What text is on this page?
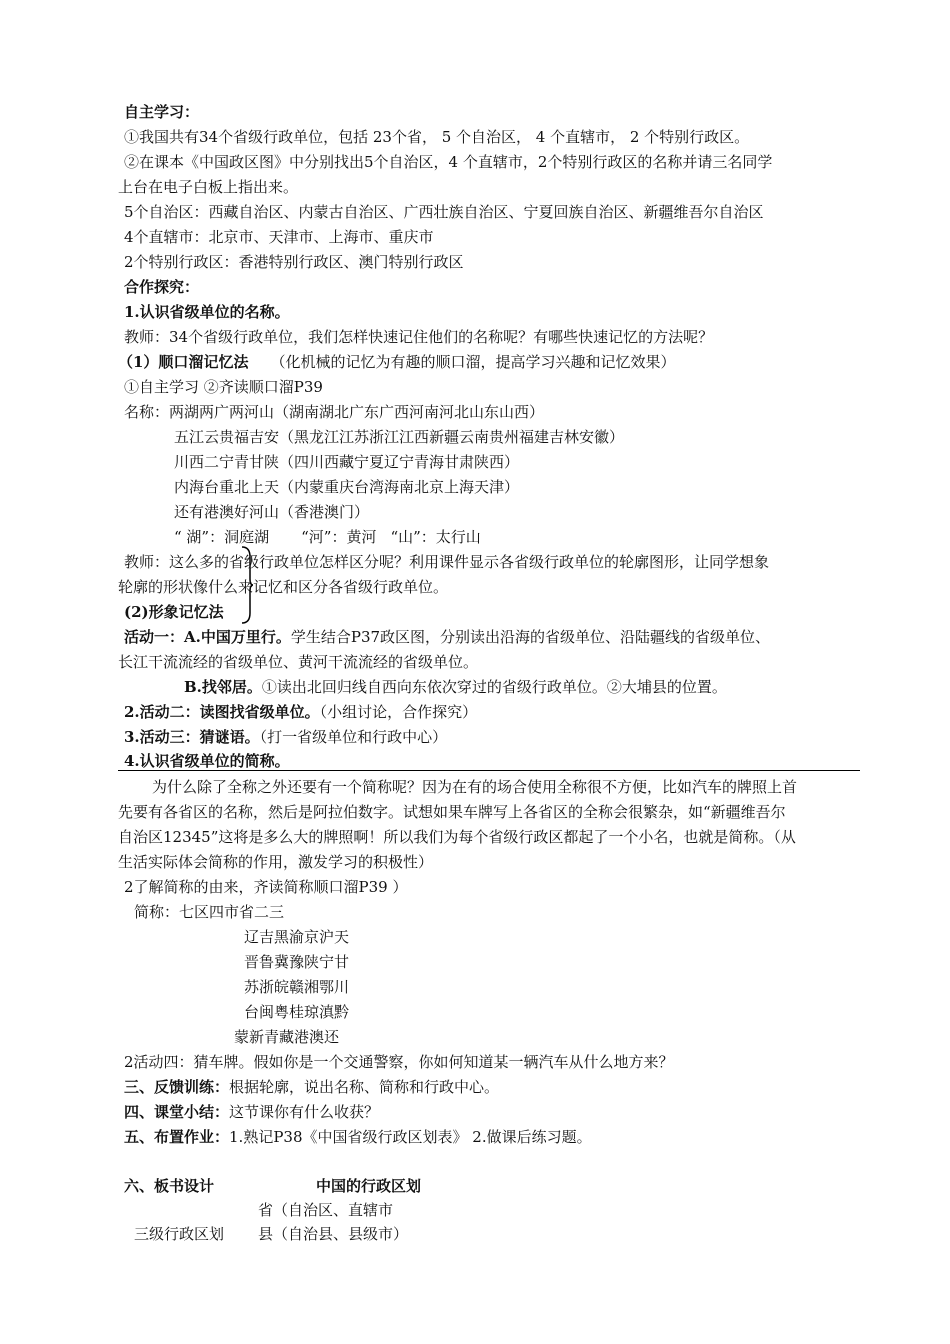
自主学习：
①我国共有34个省级行政单位，包括 23个省， 5 个自治区， 4 个直辖市， 2 个特别行政区。
②在课本《中国政区图》中分别找出5个自治区，4 个直辖市，2个特别行政区的名称并请三名同学
上台在电子白板上指出来。
5个自治区：西藏自治区、内蒙古自治区、广西壮族自治区、宁夏回族自治区、新疆维吾尔自治区
4个直辖市：北京市、天津市、上海市、重庆市
2个特别行政区：香港特别行政区、澳门特别行政区
合作探究：
1.认识省级单位的名称。
教师：34个省级行政单位，我们怎样快速记住他们的名称呢？有哪些快速记忆的方法呢？
（1）顺口溜记忆法 （化机械的记忆为有趣的顺口溜，提高学习兴趣和记忆效果）
①自主学习 ②齐读顺口溜P39
名称：两湖两广两河山（湖南湖北广东广西河南河北山东山西）
五江云贵福吉安（黑龙江江苏浙江江西新疆云南贵州福建吉林安徽）
川西二宁青甘陕（四川西藏宁夏辽宁青海甘肃陕西）
内海台重北上天（内蒙重庆台湾海南北京上海天津）
还有港澳好河山（香港澳门）
“ 湖”：洞庭湖 “河”：黄河 “山”：太行山
教师：这么多的省级行政单位怎样区分呢？利用课件显示各省级行政单位的轮廓图形，让同学想象
轮廓的形状像什么来记忆和区分各省级行政单位。
(2)形象记忆法
活动一：A.中国万里行。学生结合P37政区图，分别读出沿海的省级单位、沿陆疆线的省级单位、
长江干流流经的省级单位、黄河干流流经的省级单位。
B.找邻居。①读出北回归线自西向东依次穿过的省级行政单位。②大埔县的位置。
2.活动二：读图找省级单位。（小组讨论，合作探究）
3.活动三：猜谜语。（打一省级单位和行政中心）
4.认识省级单位的简称。
为什么除了全称之外还要有一个简称呢？因为在有的场合使用全称很不方便，比如汽车的牌照上首
先要有各省区的名称，然后是阿拉伯数字。试想如果车牌写上各省区的全称会很繁杂，如“新疆维吾尔
自治区12345”这将是多么大的牌照啊！所以我们为每个省级行政区都起了一个小名，也就是简称。（从
生活实际体会简称的作用，激发学习的积极性）
2了解简称的由来，齐读简称顺口溜P39 ）
简称：七区四市省二三
辽吉黑渝京沪天
晋鲁冀豫陕宁甘
苏浙皖赣湘鄂川
台闽粤桂琼滇黔
蒙新青藏港澳还
2活动四：猜车牌。假如你是一个交通警察，你如何知道某一辆汽车从什么地方来？
三、反馈训练：根据轮廓，说出名称、简称和行政中心。
四、课堂小结：这节课你有什么收获？
五、布置作业：1.熟记P38《中国省级行政区划表》 2.做课后练习题。
六、板书设计	中国的行政区划
省（自治区、直辖市
三级行政区划 县（自治县、县级市）
